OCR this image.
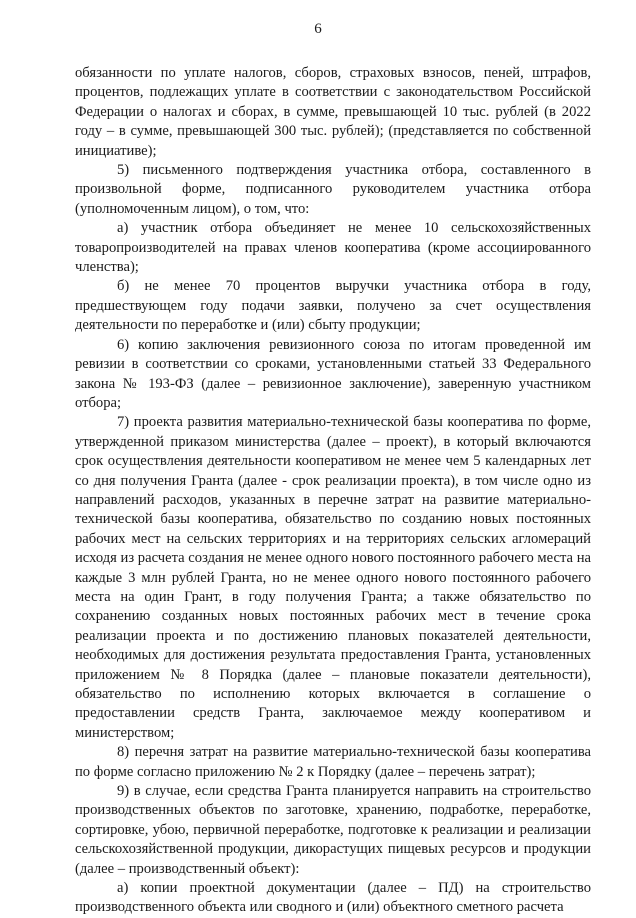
6

обязанности по уплате налогов, сборов, страховых взносов, пеней, штрафов, процентов, подлежащих уплате в соответствии с законодательством Российской Федерации о налогах и сборах, в сумме, превышающей 10 тыс. рублей (в 2022 году – в сумме, превышающей 300 тыс. рублей); (представляется по собственной инициативе);

5) письменного подтверждения участника отбора, составленного в произвольной форме, подписанного руководителем участника отбора (уполномоченным лицом), о том, что:

а) участник отбора объединяет не менее 10 сельскохозяйственных товаропроизводителей на правах членов кооператива (кроме ассоциированного членства);

б) не менее 70 процентов выручки участника отбора в году, предшествующем году подачи заявки, получено за счет осуществления деятельности по переработке и (или) сбыту продукции;

6) копию заключения ревизионного союза по итогам проведенной им ревизии в соответствии со сроками, установленными статьей 33 Федерального закона № 193-ФЗ (далее – ревизионное заключение), заверенную участником отбора;

7) проекта развития материально-технической базы кооператива по форме, утвержденной приказом министерства (далее – проект), в который включаются срок осуществления деятельности кооперативом не менее чем 5 календарных лет со дня получения Гранта (далее - срок реализации проекта), в том числе одно из направлений расходов, указанных в перечне затрат на развитие материально-технической базы кооператива, обязательство по созданию новых постоянных рабочих мест на сельских территориях и на территориях сельских агломераций исходя из расчета создания не менее одного нового постоянного рабочего места на каждые 3 млн рублей Гранта, но не менее одного нового постоянного рабочего места на один Грант, в году получения Гранта; а также обязательство по сохранению созданных новых постоянных рабочих мест в течение срока реализации проекта и по достижению плановых показателей деятельности, необходимых для достижения результата предоставления Гранта, установленных приложением № 8 Порядка (далее – плановые показатели деятельности), обязательство по исполнению которых включается в соглашение о предоставлении средств Гранта, заключаемое между кооперативом и министерством;

8) перечня затрат на развитие материально-технической базы кооператива по форме согласно приложению № 2 к Порядку (далее – перечень затрат);

9) в случае, если средства Гранта планируется направить на строительство производственных объектов по заготовке, хранению, подработке, переработке, сортировке, убою, первичной переработке, подготовке к реализации и реализации сельскохозяйственной продукции, дикорастущих пищевых ресурсов и продукции (далее – производственный объект):

а) копии проектной документации (далее – ПД) на строительство производственного объекта или сводного и (или) объектного сметного расчета
